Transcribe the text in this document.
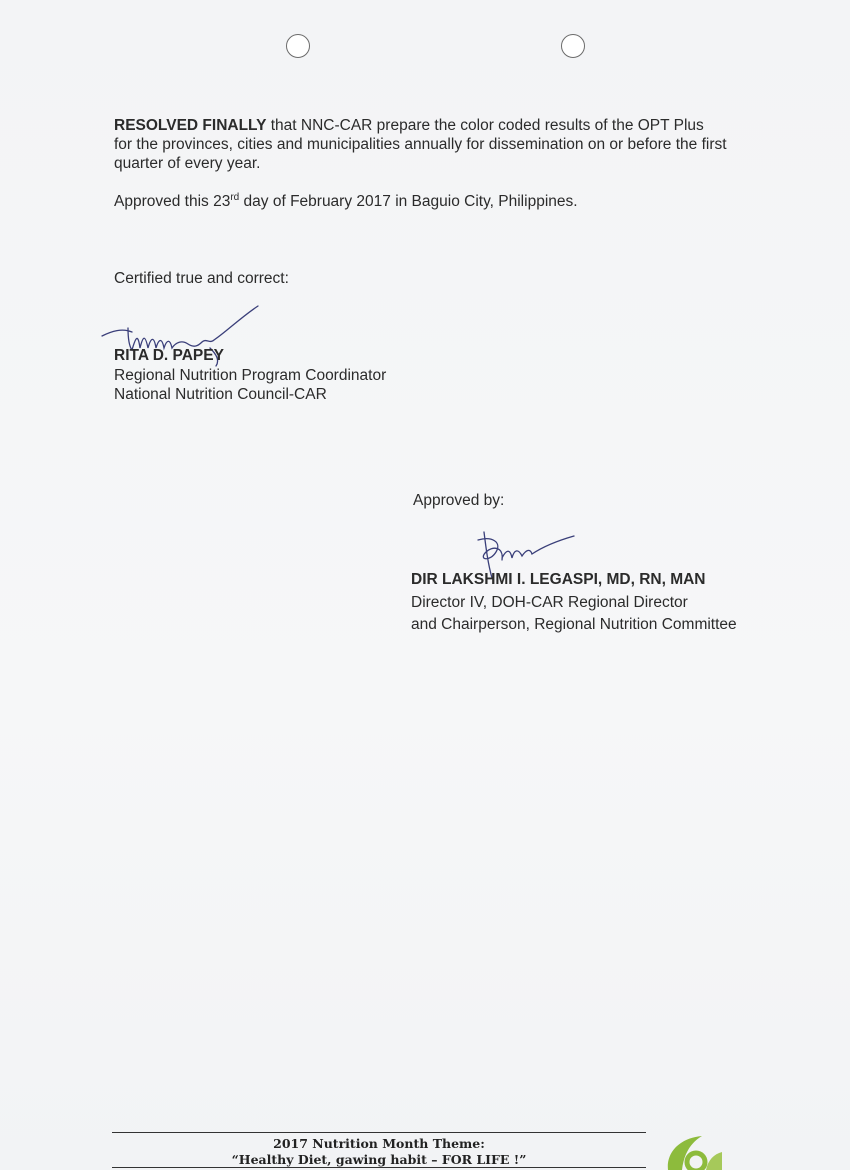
RESOLVED FINALLY that NNC-CAR prepare the color coded results of the OPT Plus
for the provinces, cities and municipalities annually for dissemination on or before the first
quarter of every year.
Approved this 23rd day of February 2017 in Baguio City, Philippines.
Certified true and correct:
RITA D. PAPEY
Regional Nutrition Program Coordinator
National Nutrition Council-CAR
Approved by:
DIR LAKSHMI I. LEGASPI, MD, RN, MAN
Director IV, DOH-CAR Regional Director
and Chairperson, Regional Nutrition Committee
2017 Nutrition Month Theme:
“Healthy Diet, gawing habit – FOR LIFE !”
